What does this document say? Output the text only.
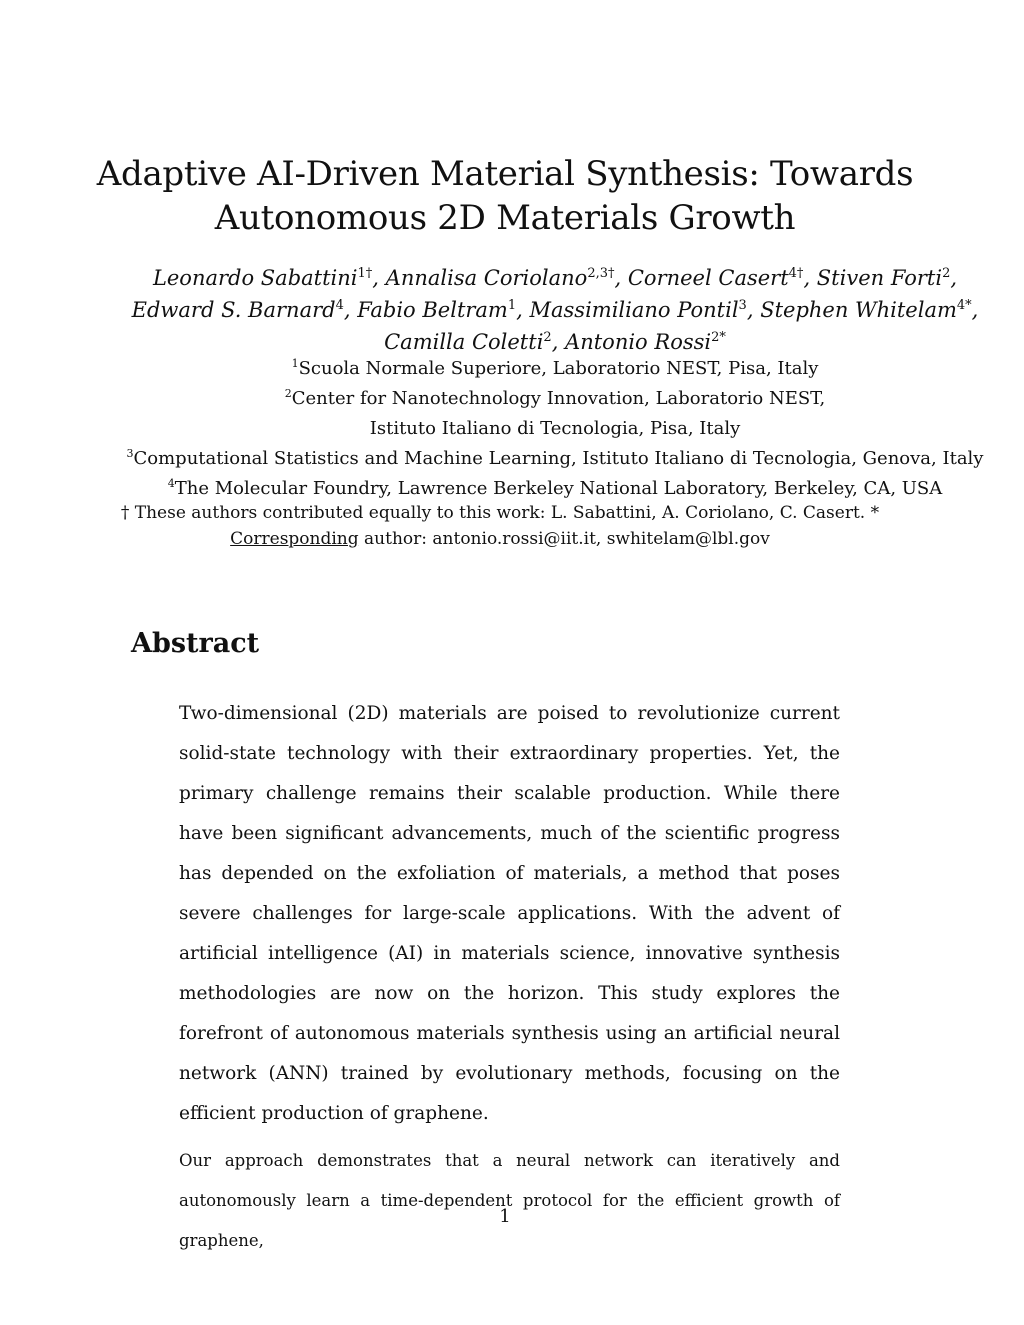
Adaptive AI-Driven Material Synthesis: Towards
Autonomous 2D Materials Growth
Leonardo Sabattini$^{1\dagger}$, Annalisa Coriolano$^{2,3\dagger}$, Corneel Casert$^{4\dagger}$, Stiven Forti$^2$,
Edward S. Barnard$^4$, Fabio Beltram$^1$, Massimiliano Pontil$^3$, Stephen Whitelam$^{4*}$,
Camilla Coletti$^2$, Antonio Rossi$^{2*}$
$^1$Scuola Normale Superiore, Laboratorio NEST, Pisa, Italy
$^2$Center for Nanotechnology Innovation, Laboratorio NEST,
Istituto Italiano di Tecnologia, Pisa, Italy
$^3$Computational Statistics and Machine Learning, Istituto Italiano di Tecnologia, Genova, Italy
$^4$The Molecular Foundry, Lawrence Berkeley National Laboratory, Berkeley, CA, USA
† These authors contributed equally to this work: L. Sabattini, A. Coriolano, C. Casert. *
Corresponding author: antonio.rossi@iit.it, swhitelam@lbl.gov
Abstract

Two-dimensional (2D) materials are poised to revolutionize current solid-state technology with their extraordinary properties. Yet, the primary challenge remains their scalable production. While there have been significant advancements, much of the scientific progress has depended on the exfoliation of materials, a method that poses severe challenges for large-scale applications. With the advent of artificial intelligence (AI) in materials science, innovative synthesis methodologies are now on the horizon. This study explores the forefront of autonomous materials synthesis using an artificial neural network (ANN) trained by evolutionary methods, focusing on the efficient production of graphene.

Our approach demonstrates that a neural network can iteratively and autonomously learn a time-dependent protocol for the efficient growth of graphene,

1
